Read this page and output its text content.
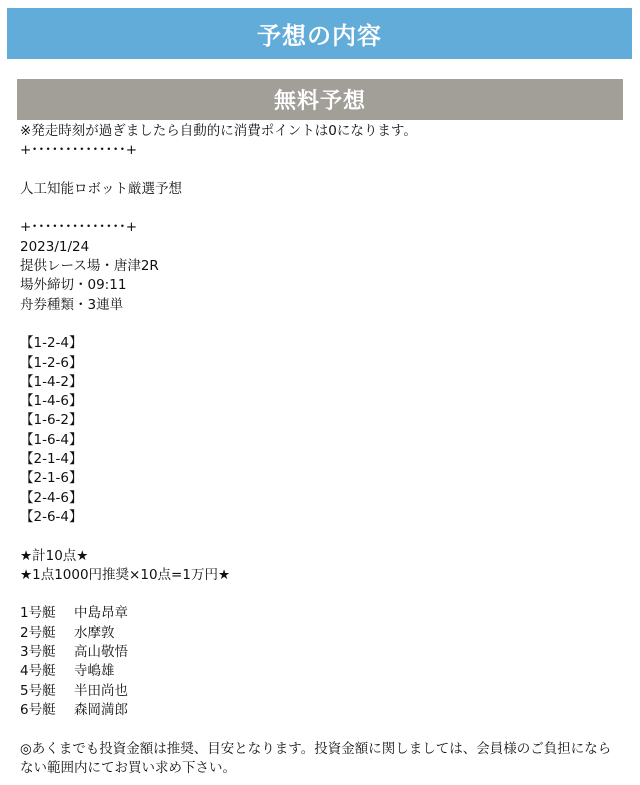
予想の内容
無料予想
※発走時刻が過ぎましたら自動的に消費ポイントは0になります。
+･･････････････+
人工知能ロボット厳選予想
+･･････････････+
2023/1/24
提供レース場・唐津2R
場外締切・09:11
舟券種類・3連単
【1-2-4】
【1-2-6】
【1-4-2】
【1-4-6】
【1-6-2】
【1-6-4】
【2-1-4】
【2-1-6】
【2-4-6】
【2-6-4】
★計10点★
★1点1000円推奨×10点=1万円★
1号艇	中島昂章
2号艇	水摩敦
3号艇	高山敬悟
4号艇	寺嶋雄
5号艇	半田尚也
6号艇	森岡満郎
◎あくまでも投資金額は推奨、目安となります。投資金額に関しましては、会員様のご負担にならない範囲内にてお買い求め下さい。
